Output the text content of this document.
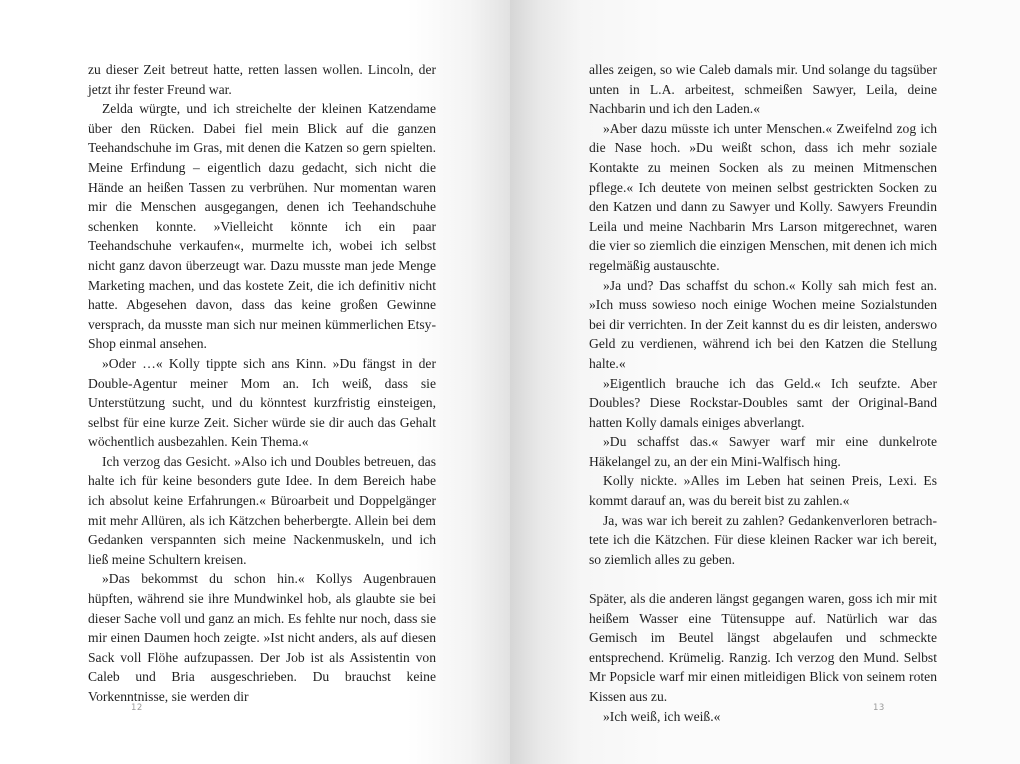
zu dieser Zeit betreut hatte, retten lassen wollen. Lincoln, der jetzt ihr fester Freund war.

Zelda würgte, und ich streichelte der kleinen Katzendame über den Rücken. Dabei fiel mein Blick auf die ganzen Teehandschuhe im Gras, mit denen die Katzen so gern spielten. Meine Erfindung – eigentlich dazu gedacht, sich nicht die Hände an heißen Tassen zu verbrühen. Nur momentan waren mir die Menschen ausgegangen, denen ich Teehandschuhe schenken konnte. »Vielleicht könnte ich ein paar Teehandschuhe verkaufen«, murmelte ich, wobei ich selbst nicht ganz davon überzeugt war. Dazu musste man jede Menge Marketing machen, und das kostete Zeit, die ich definitiv nicht hatte. Abgesehen davon, dass das keine großen Gewinne versprach, da musste man sich nur meinen kümmerlichen Etsy-Shop einmal ansehen.

»Oder …« Kolly tippte sich ans Kinn. »Du fängst in der Double-Agentur meiner Mom an. Ich weiß, dass sie Unterstützung sucht, und du könntest kurzfristig einsteigen, selbst für eine kurze Zeit. Sicher würde sie dir auch das Gehalt wöchentlich ausbezahlen. Kein Thema.«

Ich verzog das Gesicht. »Also ich und Doubles betreuen, das halte ich für keine besonders gute Idee. In dem Bereich habe ich absolut keine Erfahrungen.« Büroarbeit und Doppelgänger mit mehr Allüren, als ich Kätzchen beherbergte. Allein bei dem Gedanken verspannten sich meine Nackenmuskeln, und ich ließ meine Schultern kreisen.

»Das bekommst du schon hin.« Kollys Augenbrauen hüpften, während sie ihre Mundwinkel hob, als glaubte sie bei dieser Sache voll und ganz an mich. Es fehlte nur noch, dass sie mir einen Daumen hoch zeigte. »Ist nicht anders, als auf diesen Sack voll Flöhe aufzupassen. Der Job ist als Assistentin von Caleb und Bria ausgeschrieben. Du brauchst keine Vorkenntnisse, sie werden dir

12

alles zeigen, so wie Caleb damals mir. Und solange du tagsüber unten in L.A. arbeitest, schmeißen Sawyer, Leila, deine Nachbarin und ich den Laden.«

»Aber dazu müsste ich unter Menschen.« Zweifelnd zog ich die Nase hoch. »Du weißt schon, dass ich mehr soziale Kontakte zu meinen Socken als zu meinen Mitmenschen pflege.« Ich deutete von meinen selbst gestrickten Socken zu den Katzen und dann zu Sawyer und Kolly. Sawyers Freundin Leila und meine Nachbarin Mrs Larson mitgerechnet, waren die vier so ziemlich die einzigen Menschen, mit denen ich mich regelmäßig austauschte.

»Ja und? Das schaffst du schon.« Kolly sah mich fest an. »Ich muss sowieso noch einige Wochen meine Sozialstunden bei dir verrichten. In der Zeit kannst du es dir leisten, anderswo Geld zu verdienen, während ich bei den Katzen die Stellung halte.«

»Eigentlich brauche ich das Geld.« Ich seufzte. Aber Doubles? Diese Rockstar-Doubles samt der Original-Band hatten Kolly damals einiges abverlangt.

»Du schaffst das.« Sawyer warf mir eine dunkelrote Häkelangel zu, an der ein Mini-Walfisch hing.

Kolly nickte. »Alles im Leben hat seinen Preis, Lexi. Es kommt darauf an, was du bereit bist zu zahlen.«

Ja, was war ich bereit zu zahlen? Gedankenverloren betrachtete ich die Kätzchen. Für diese kleinen Racker war ich bereit, so ziemlich alles zu geben.

Später, als die anderen längst gegangen waren, goss ich mir mit heißem Wasser eine Tütensuppe auf. Natürlich war das Gemisch im Beutel längst abgelaufen und schmeckte entsprechend. Krümelig. Ranzig. Ich verzog den Mund. Selbst Mr Popsicle warf mir einen mitleidigen Blick von seinem roten Kissen aus zu.

»Ich weiß, ich weiß.«

13
